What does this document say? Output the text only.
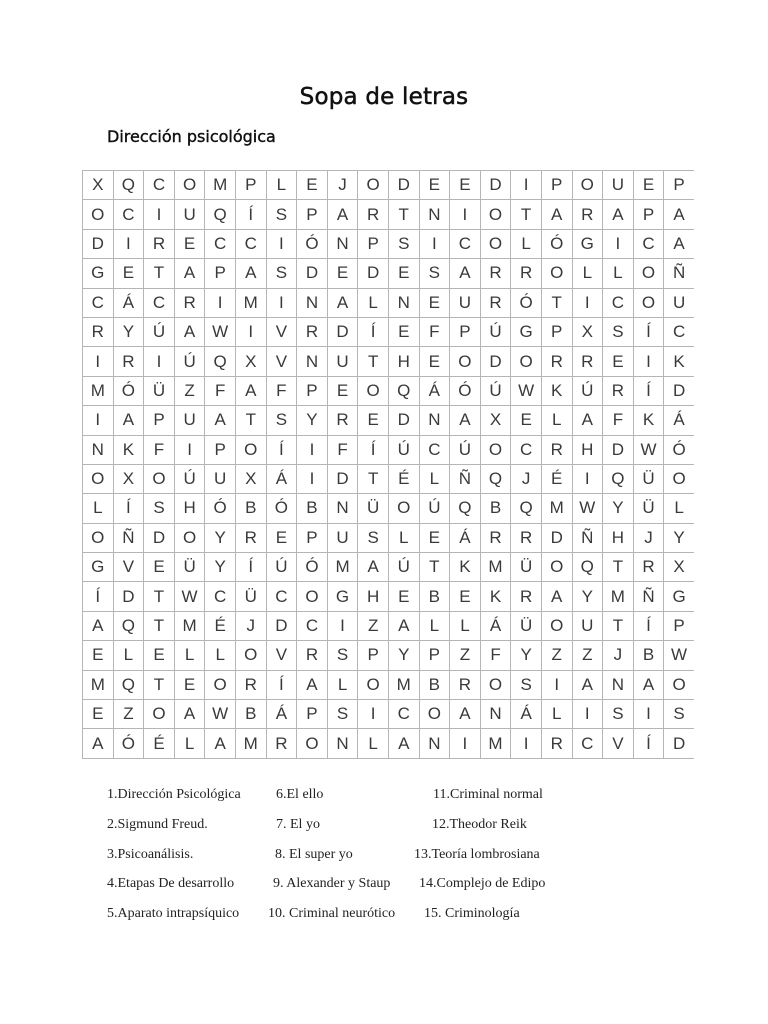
Sopa de letras
Dirección psicológica
X	Q	C	O	M	P	L	E	J	O	D	E	E	D	I	P	O	U	E	P
O	C	I	U	Q	Í	S	P	A	R	T	N	I	O	T	A	R	A	P	A
D	I	R	E	C	C	I	Ó	N	P	S	I	C	O	L	Ó	G	I	C	A
G	E	T	A	P	A	S	D	E	D	E	S	A	R	R	O	L	L	O	Ñ
C	Á	C	R	I	M	I	N	A	L	N	E	U	R	Ó	T	I	C	O	U
R	Y	Ú	A	W	I	V	R	D	Í	E	F	P	Ú	G	P	X	S	Í	C
I	R	I	Ú	Q	X	V	N	U	T	H	E	O	D	O	R	R	E	I	K
M	Ó	Ü	Z	F	A	F	P	E	O	Q	Á	Ó	Ú	W	K	Ú	R	Í	D
I	A	P	U	A	T	S	Y	R	E	D	N	A	X	E	L	A	F	K	Á
N	K	F	I	P	O	Í	I	F	Í	Ú	C	Ú	O	C	R	H	D	W	Ó
O	X	O	Ú	U	X	Á	I	D	T	É	L	Ñ	Q	J	É	I	Q	Ü	O
L	Í	S	H	Ó	B	Ó	B	N	Ü	O	Ú	Q	B	Q	M	W	Y	Ü	L
O	Ñ	D	O	Y	R	E	P	U	S	L	E	Á	R	R	D	Ñ	H	J	Y
G	V	E	Ü	Y	Í	Ú	Ó	M	A	Ú	T	K	M	Ü	O	Q	T	R	X
Í	D	T	W	C	Ü	C	O	G	H	E	B	E	K	R	A	Y	M	Ñ	G
A	Q	T	M	É	J	D	C	I	Z	A	L	L	Á	Ü	O	U	T	Í	P
E	L	E	L	L	O	V	R	S	P	Y	P	Z	F	Y	Z	Z	J	B	W
M	Q	T	E	O	R	Í	A	L	O	M	B	R	O	S	I	A	N	A	O
E	Z	O	A	W	B	Á	P	S	I	C	O	A	N	Á	L	I	S	I	S
A	Ó	É	L	A	M	R	O	N	L	A	N	I	M	I	R	C	V	Í	D
1.Dirección Psicológica
2.Sigmund Freud.
3.Psicoanálisis.
4.Etapas De desarrollo
5.Aparato intrapsíquico
6.El ello
7. El yo
8. El super yo
9. Alexander y Staup
10. Criminal neurótico
11.Criminal normal
12.Theodor Reik
13.Teoría lombrosiana
14.Complejo de Edipo
15. Criminología
